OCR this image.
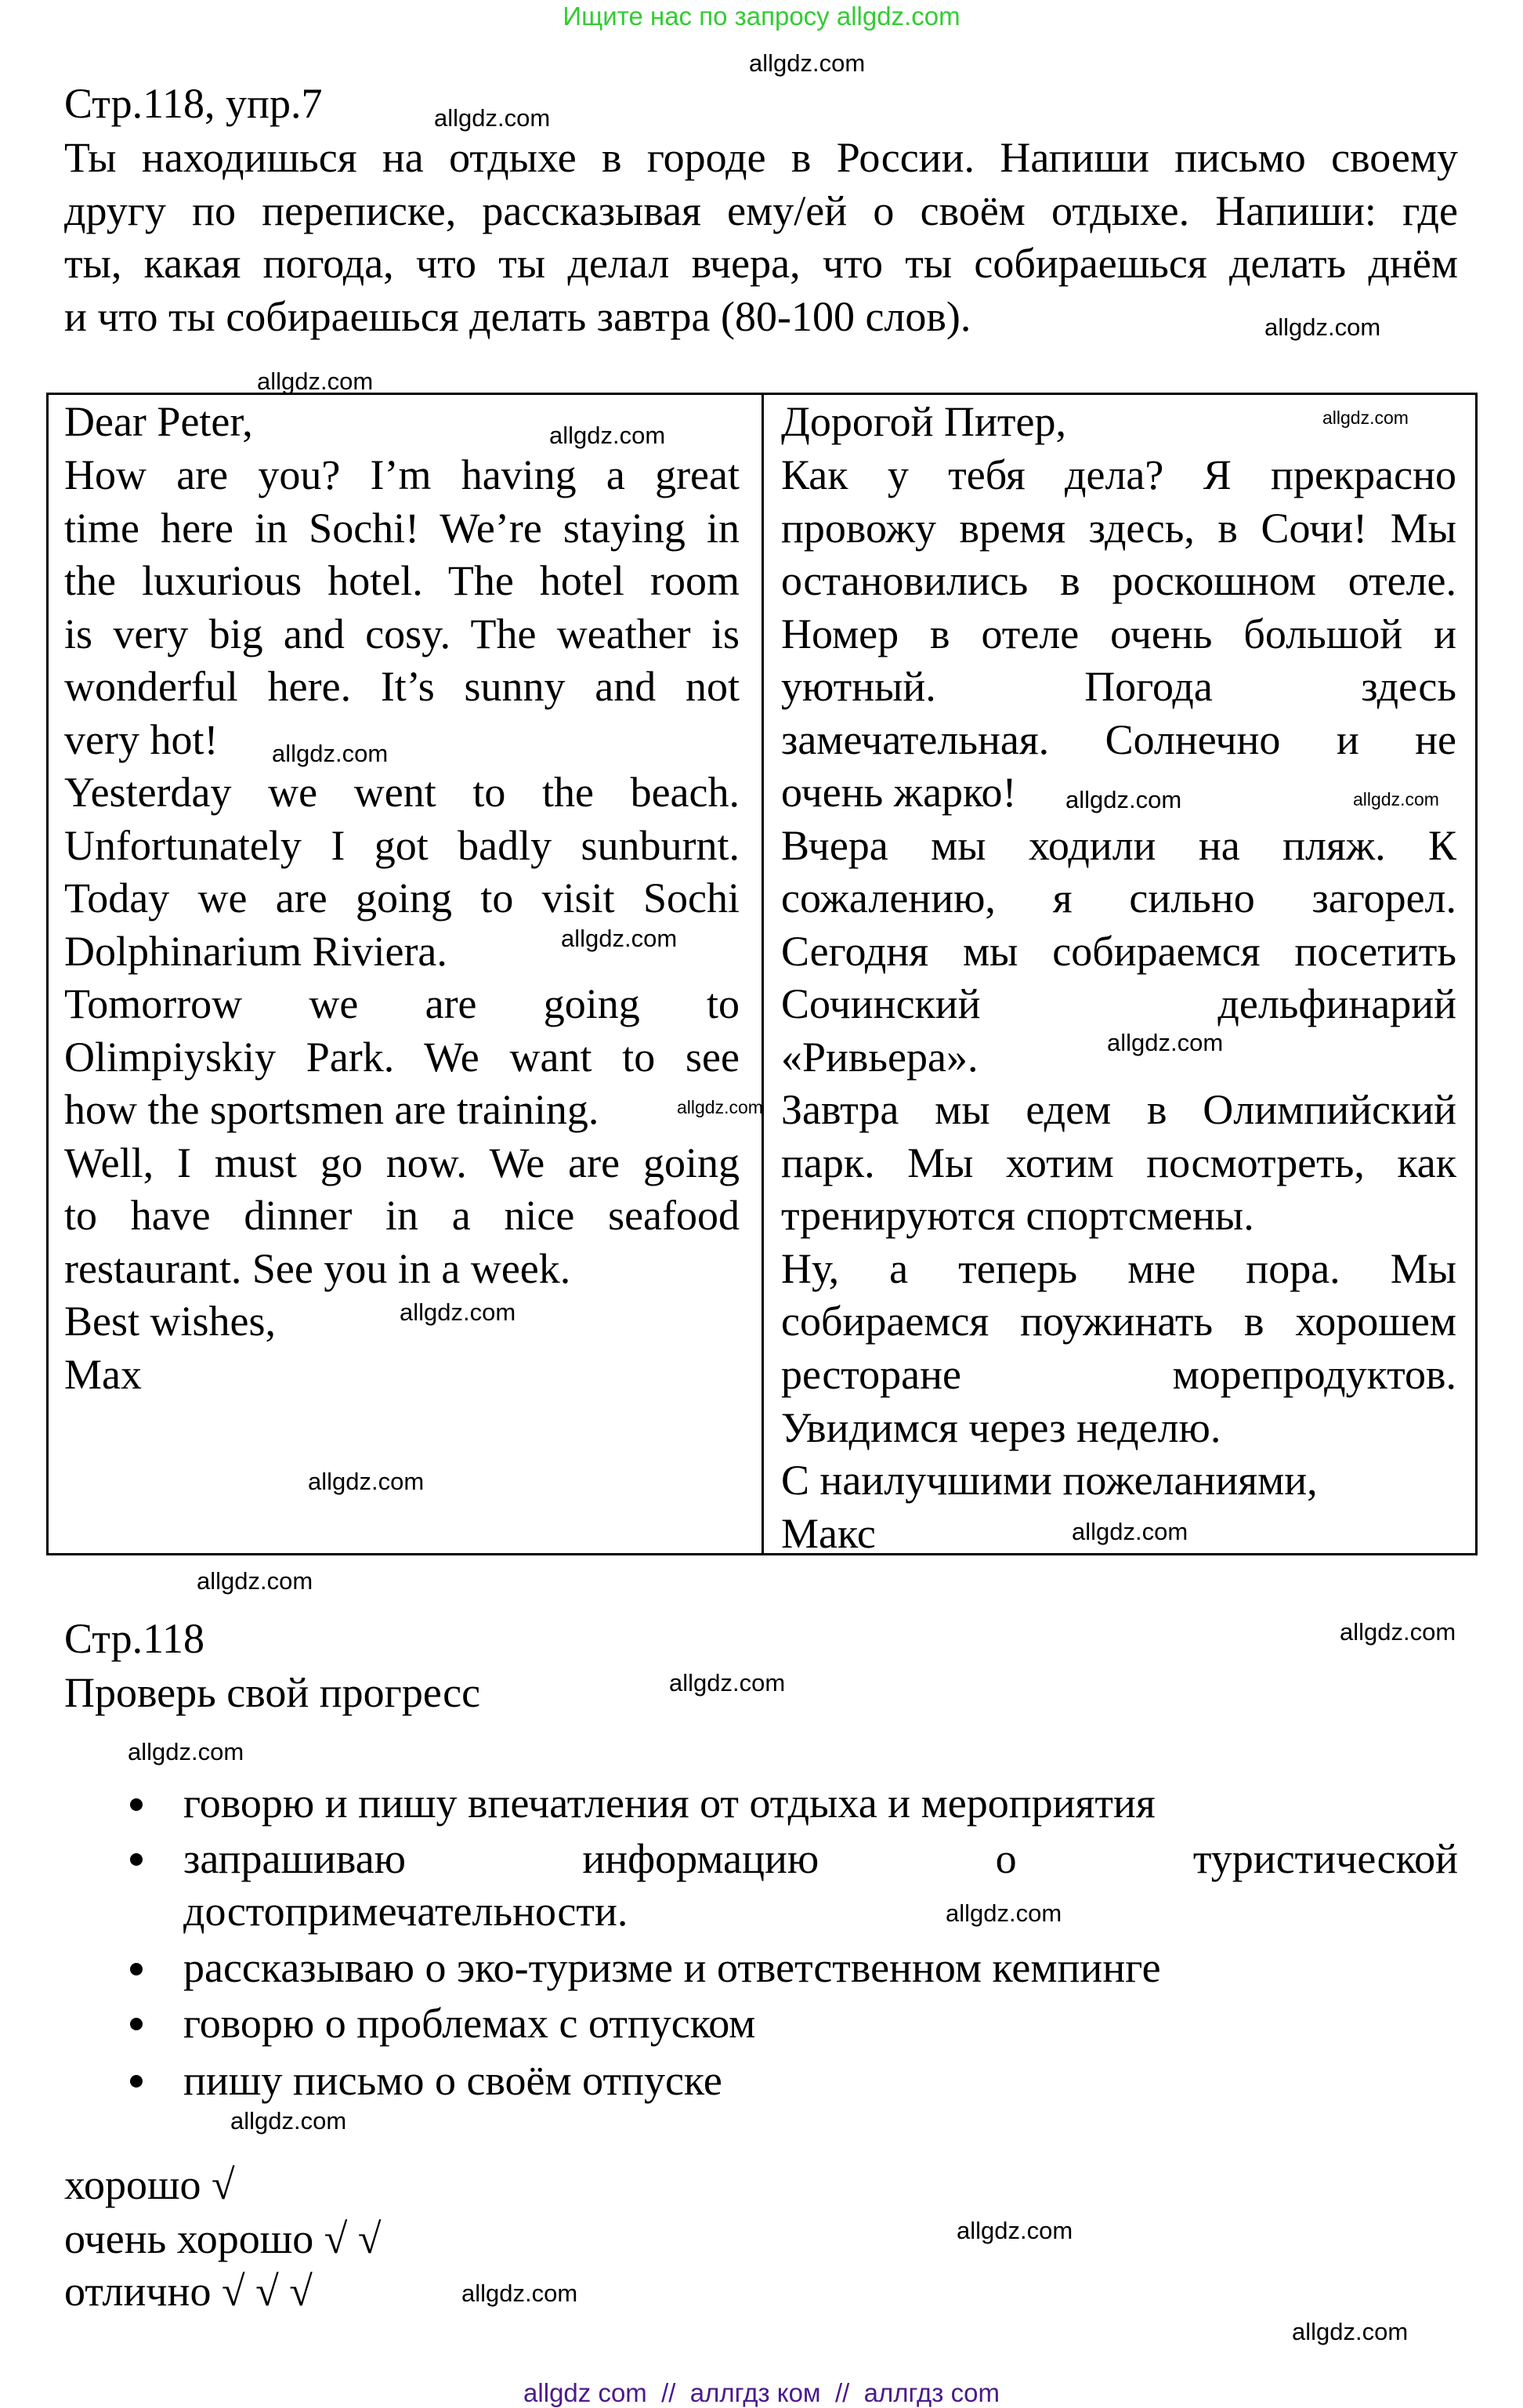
Ищите нас по запросу allgdz.com
Стр.118, упр.7
Ты находишься на отдыхе в городе в России. Напиши письмо своему
другу по переписке, рассказывая ему/ей о своём отдыхе. Напиши: где
ты, какая погода, что ты делал вчера, что ты собираешься делать днём
и что ты собираешься делать завтра (80-100 слов).
Dear Peter,
How are you? I’m having a great
time here in Sochi! We’re staying in
the luxurious hotel. The hotel room
is very big and cosy. The weather is
wonderful here. It’s sunny and not
very hot!
Yesterday we went to the beach.
Unfortunately I got badly sunburnt.
Today we are going to visit Sochi
Dolphinarium Riviera.
Tomorrow we are going to
Olimpiyskiy Park. We want to see
how the sportsmen are training.
Well, I must go now. We are going
to have dinner in a nice seafood
restaurant. See you in a week.
Best wishes,
Max
Дорогой Питер,
Как у тебя дела? Я прекрасно
провожу время здесь, в Сочи! Мы
остановились в роскошном отеле.
Номер в отеле очень большой и
уютный. Погода здесь
замечательная. Солнечно и не
очень жарко!
Вчера мы ходили на пляж. К
сожалению, я сильно загорел.
Сегодня мы собираемся посетить
Сочинский дельфинарий
«Ривьера».
Завтра мы едем в Олимпийский
парк. Мы хотим посмотреть, как
тренируются спортсмены.
Ну, а теперь мне пора. Мы
собираемся поужинать в хорошем
ресторане морепродуктов.
Увидимся через неделю.
С наилучшими пожеланиями,
Макс
Стр.118
Проверь свой прогресс
говорю и пишу впечатления от отдыха и мероприятия
запрашиваю информацию о туристической
достопримечательности.
рассказываю о эко-туризме и ответственном кемпинге
говорю о проблемах с отпуском
пишу письмо о своём отпуске
хорошо √
очень хорошо √ √
отлично √ √ √
allgdz.com
allgdz.com
allgdz.com
allgdz.com
allgdz.com
allgdz.com
allgdz.com
allgdz.com	allgdz.com
allgdz.com
allgdz.com
allgdz.com
allgdz.com
allgdz.com
allgdz.com
allgdz.com
allgdz.com
allgdz.com
allgdz.com
allgdz.com
allgdz.com
allgdz.com
allgdz.com
allgdz.com
allgdz com  //  аллгдз ком  //  аллгдз com
